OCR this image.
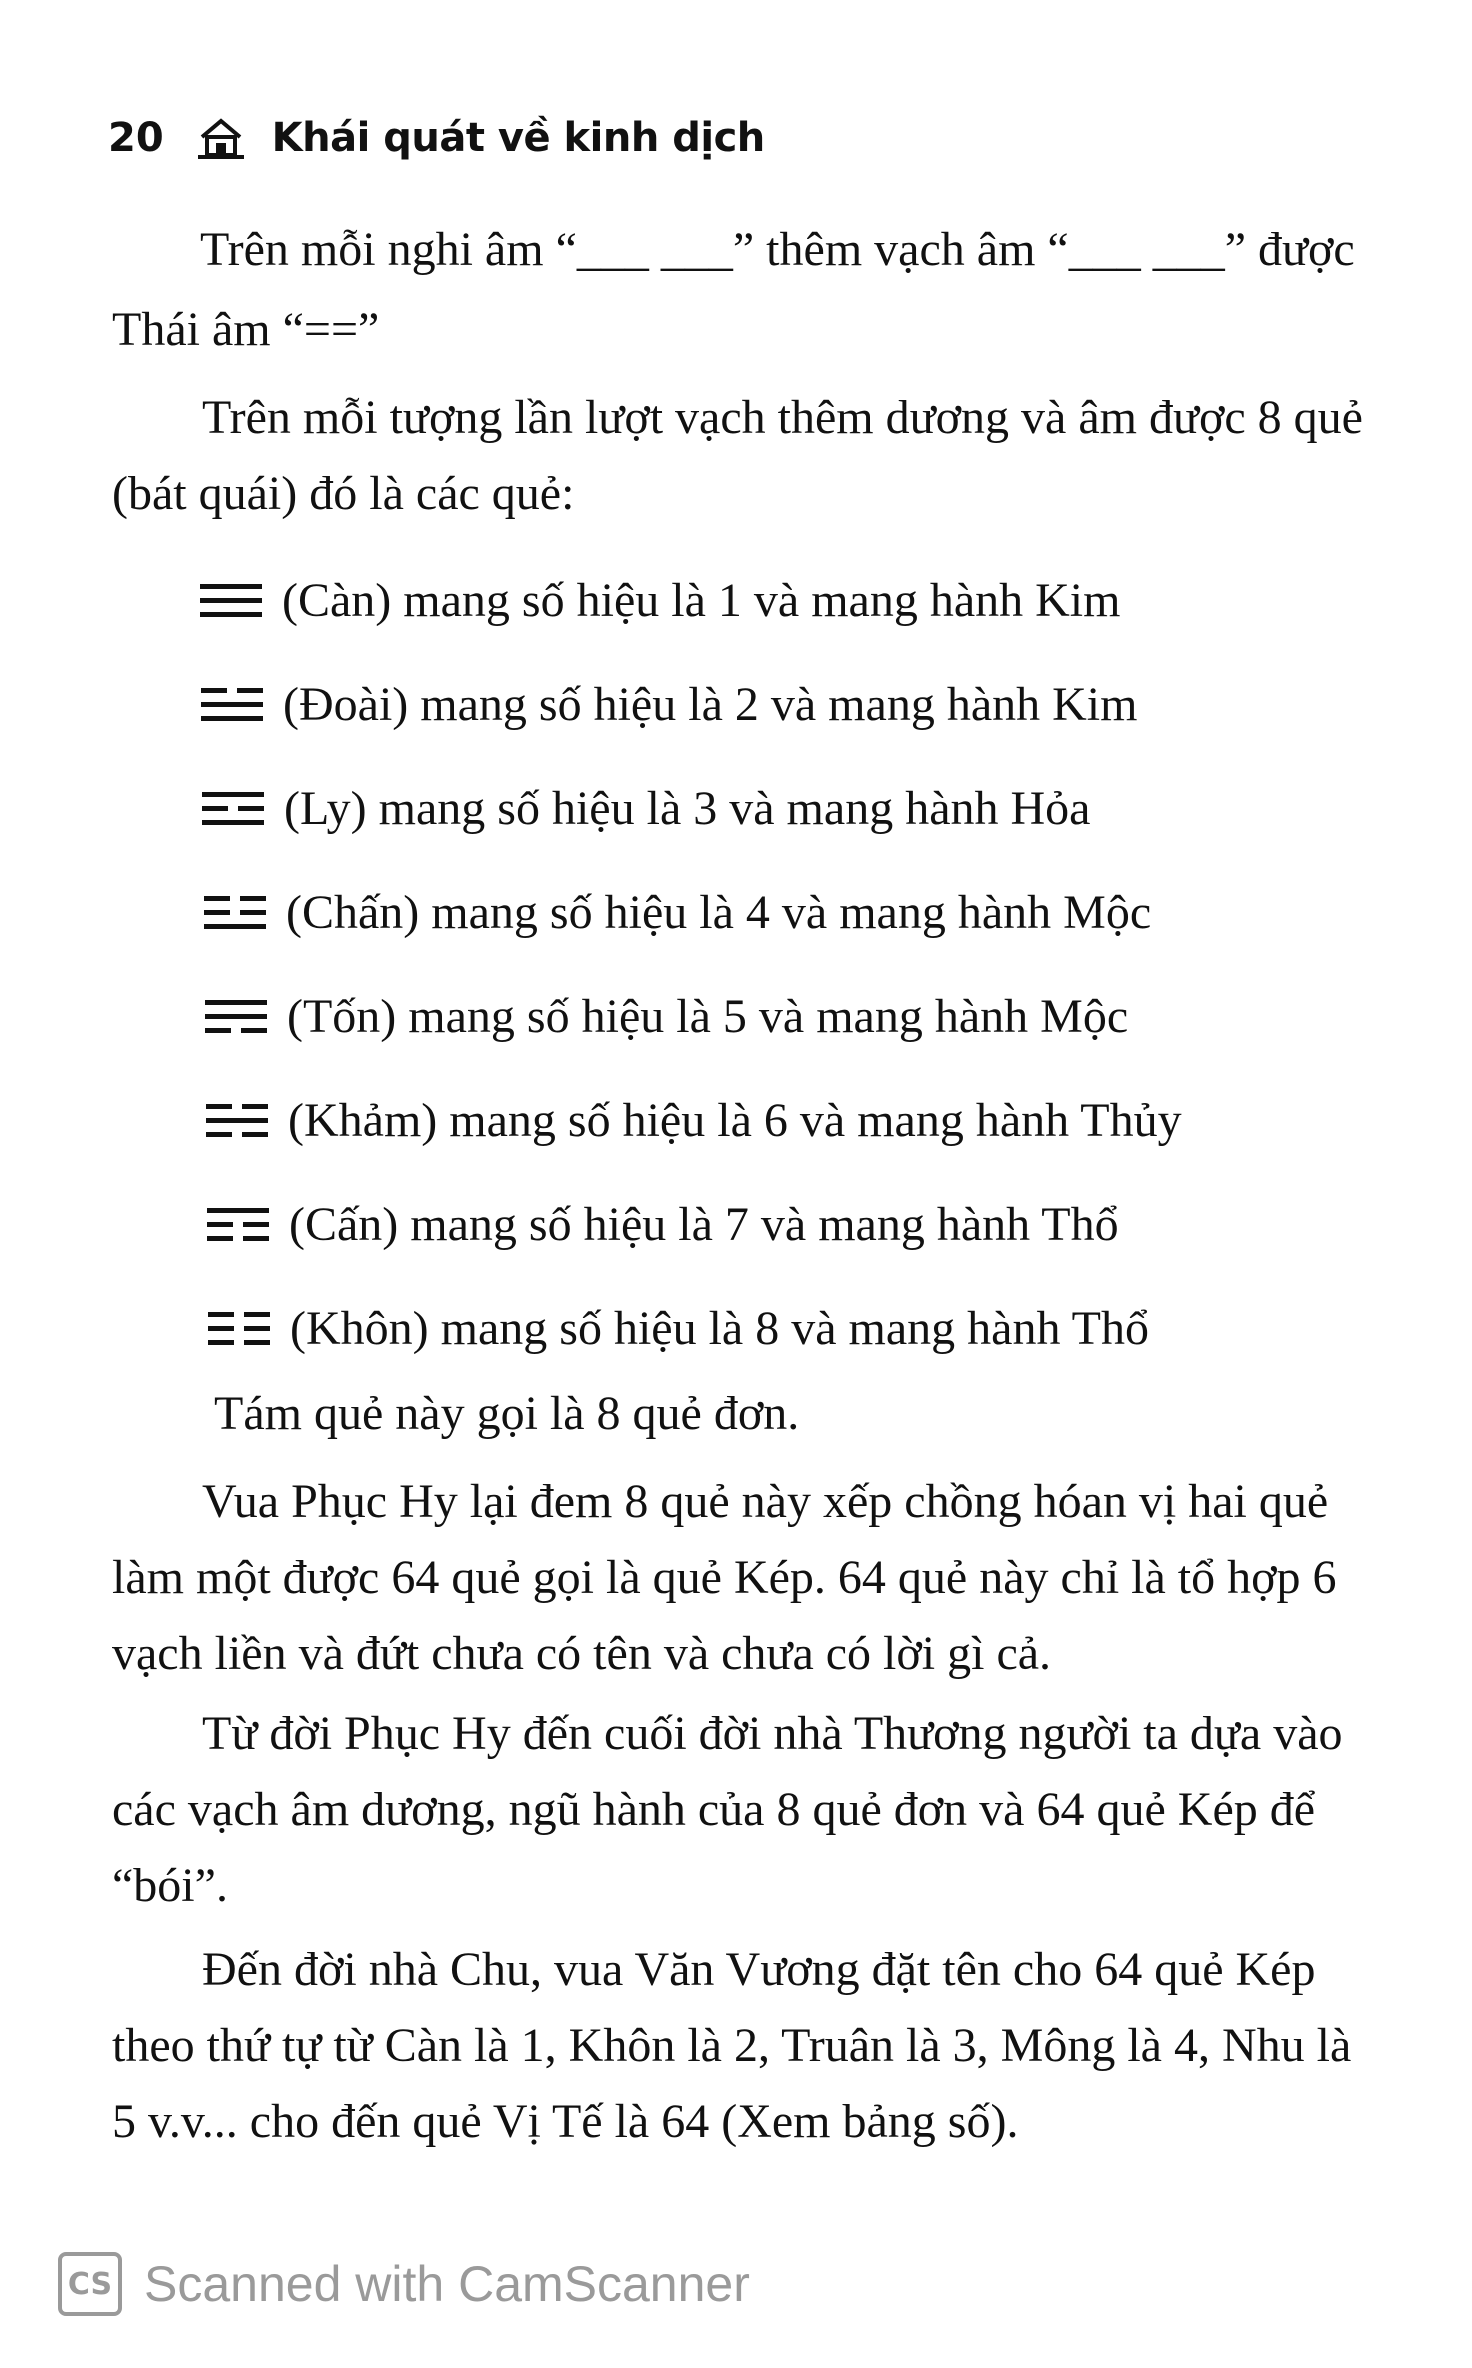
20	Khái quát về kinh dịch

Trên mỗi nghi âm “___ ___” thêm vạch âm “___ ___” được

Thái âm “==”

Trên mỗi tượng lần lượt vạch thêm dương và âm được 8 quẻ (bát quái) đó là các quẻ:

(Càn) mang số hiệu là 1 và mang hành Kim
(Đoài) mang số hiệu là 2 và mang hành Kim
(Ly) mang số hiệu là 3 và mang hành Hỏa
(Chấn) mang số hiệu là 4 và mang hành Mộc
(Tốn) mang số hiệu là 5 và mang hành Mộc
(Khảm) mang số hiệu là 6 và mang hành Thủy
(Cấn) mang số hiệu là 7 và mang hành Thổ
(Khôn) mang số hiệu là 8 và mang hành Thổ

Tám quẻ này gọi là 8 quẻ đơn.

Vua Phục Hy lại đem 8 quẻ này xếp chồng hóan vị hai quẻ làm một được 64 quẻ gọi là quẻ Kép. 64 quẻ này chỉ là tổ hợp 6 vạch liền và đứt chưa có tên và chưa có lời gì cả.

Từ đời Phục Hy đến cuối đời nhà Thương người ta dựa vào các vạch âm dương, ngũ hành của 8 quẻ đơn và 64 quẻ Kép để “bói”.

Đến đời nhà Chu, vua Văn Vương đặt tên cho 64 quẻ Kép theo thứ tự từ Càn là 1, Khôn là 2, Truân là 3, Mông là 4, Nhu là 5 v.v... cho đến quẻ Vị Tế là 64 (Xem bảng số).

CS Scanned with CamScanner
